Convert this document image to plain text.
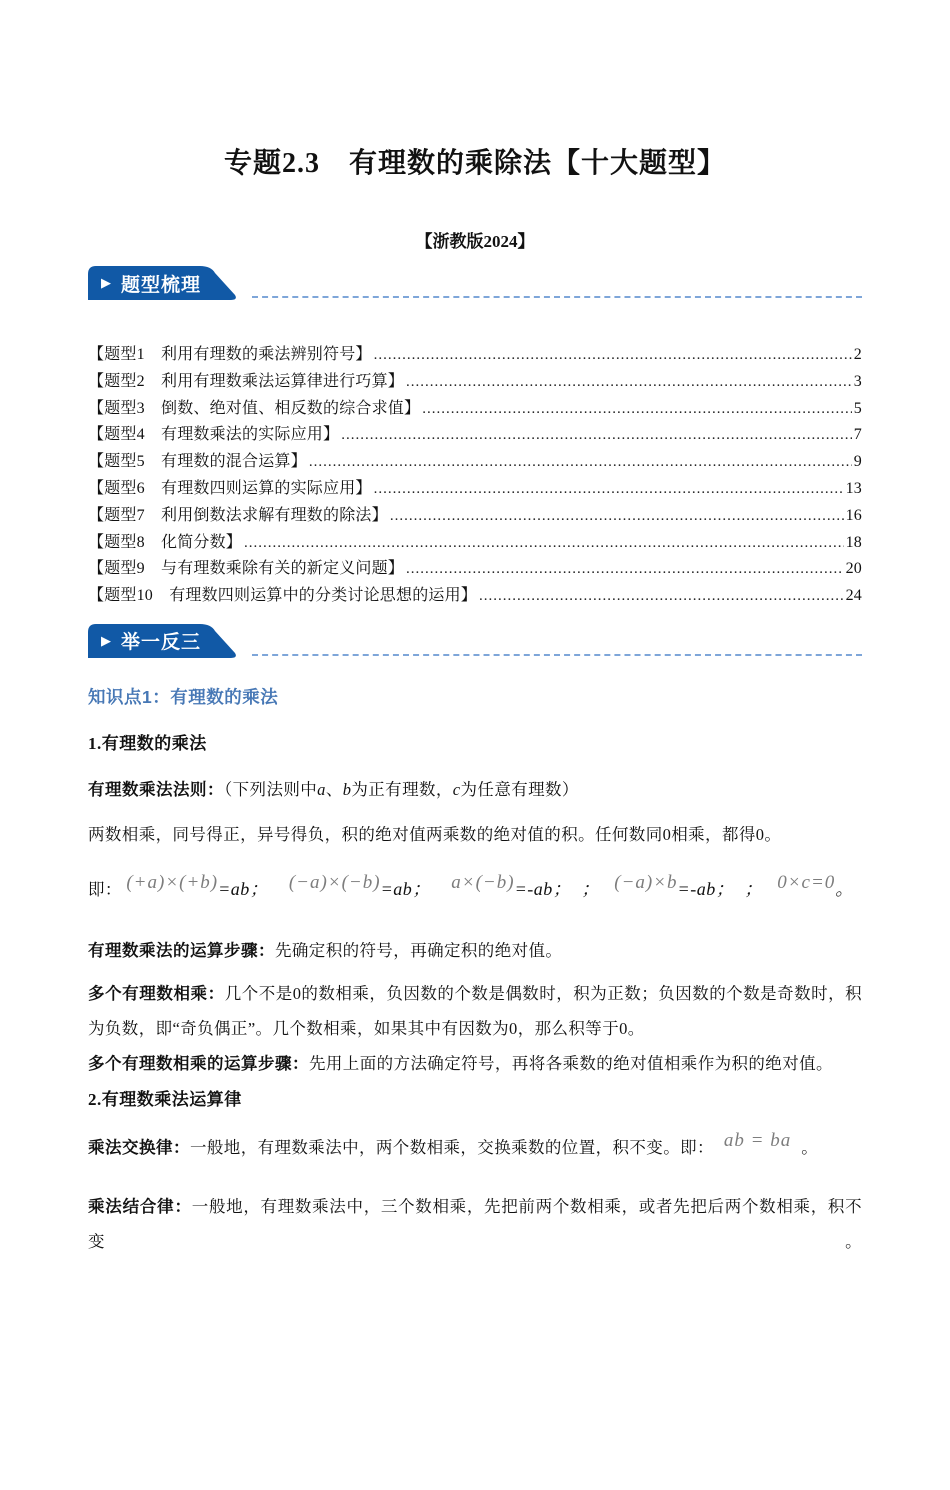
专题2.3　有理数的乘除法【十大题型】
【浙教版2024】
▶ 题型梳理
【题型1　利用有理数的乘法辨别符号】 .....	2
【题型2　利用有理数乘法运算律进行巧算】 .....	3
【题型3　倒数、绝对值、相反数的综合求值】 .....	5
【题型4　有理数乘法的实际应用】 .....	7
【题型5　有理数的混合运算】 .....	9
【题型6　有理数四则运算的实际应用】 .....	13
【题型7　利用倒数法求解有理数的除法】 .....	16
【题型8　化简分数】 .....	18
【题型9　与有理数乘除有关的新定义问题】 .....	20
【题型10　有理数四则运算中的分类讨论思想的运用】 .....	24
▶ 举一反三
知识点1：有理数的乘法
1.有理数的乘法

有理数乘法法则：（下列法则中a、b为正有理数，c为任意有理数）

两数相乘，同号得正，异号得负，积的绝对值两乘数的绝对值的积。任何数同0相乘，都得0。

即： (+a)×(+b)=ab； (−a)×(−b)=ab； a×(−b)=-ab； ； (−a)×b=-ab； ； 0×c=0。

有理数乘法的运算步骤：先确定积的符号，再确定积的绝对值。

多个有理数相乘：几个不是0的数相乘，负因数的个数是偶数时，积为正数；负因数的个数是奇数时，积为负数，即“奇负偶正”。几个数相乘，如果其中有因数为0，那么积等于0。

多个有理数相乘的运算步骤：先用上面的方法确定符号，再将各乘数的绝对值相乘作为积的绝对值。

2.有理数乘法运算律

乘法交换律：一般地，有理数乘法中，两个数相乘，交换乘数的位置，积不变。即： ab = ba 。

乘法结合律：一般地，有理数乘法中，三个数相乘，先把前两个数相乘，或者先把后两个数相乘，积不变。
